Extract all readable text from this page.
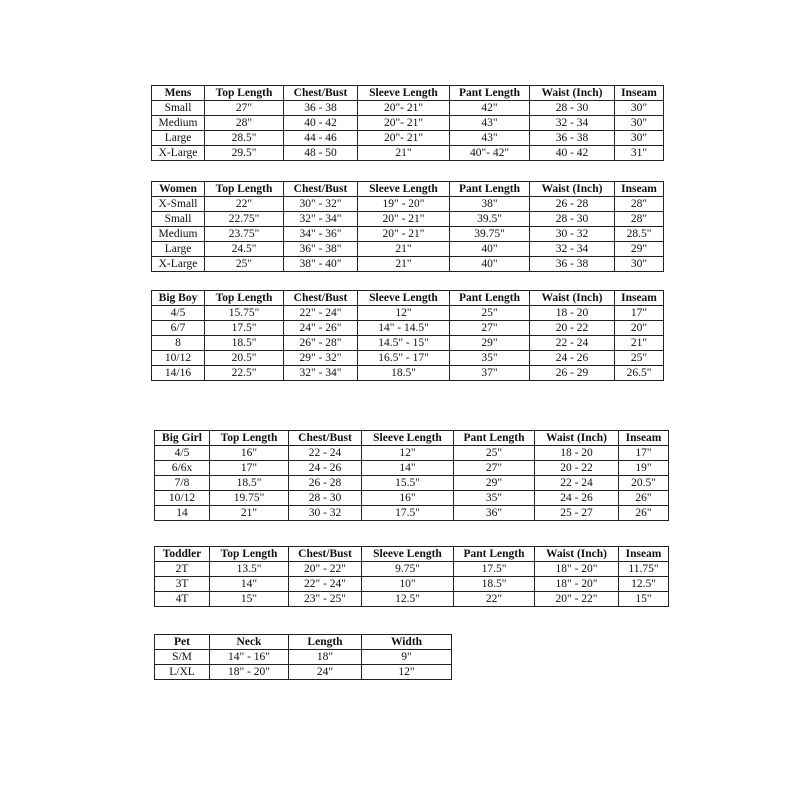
Mens	Top Length	Chest/Bust	Sleeve Length	Pant Length	Waist (Inch)	Inseam
Small	27"	36 - 38	20"- 21"	42"	28 - 30	30"
Medium	28"	40 - 42	20"- 21"	43"	32 - 34	30"
Large	28.5"	44 - 46	20"- 21"	43"	36 - 38	30"
X-Large	29.5"	48 - 50	21"	40"- 42"	40 - 42	31"
Women	Top Length	Chest/Bust	Sleeve Length	Pant Length	Waist (Inch)	Inseam
X-Small	22"	30" - 32"	19" - 20"	38"	26 - 28	28"
Small	22.75"	32" - 34"	20" - 21"	39.5"	28 - 30	28"
Medium	23.75"	34" - 36"	20" - 21"	39.75"	30 - 32	28.5"
Large	24.5"	36" - 38"	21"	40"	32 - 34	29"
X-Large	25"	38" - 40"	21"	40"	36 - 38	30"
Big Boy	Top Length	Chest/Bust	Sleeve Length	Pant Length	Waist (Inch)	Inseam
4/5	15.75"	22" - 24"	12"	25"	18 - 20	17"
6/7	17.5"	24" - 26"	14" - 14.5"	27"	20 - 22	20"
8	18.5"	26" - 28"	14.5" - 15"	29"	22 - 24	21"
10/12	20.5"	29" - 32"	16.5" - 17"	35"	24 - 26	25"
14/16	22.5"	32" - 34"	18.5"	37"	26 - 29	26.5"
Big Girl	Top Length	Chest/Bust	Sleeve Length	Pant Length	Waist (Inch)	Inseam
4/5	16"	22 - 24	12"	25"	18 - 20	17"
6/6x	17"	24 - 26	14"	27"	20 - 22	19"
7/8	18.5"	26 - 28	15.5"	29"	22 - 24	20.5"
10/12	19.75"	28 - 30	16"	35"	24 - 26	26"
14	21"	30 - 32	17.5"	36"	25 - 27	26"
Toddler	Top Length	Chest/Bust	Sleeve Length	Pant Length	Waist (Inch)	Inseam
2T	13.5"	20" - 22"	9.75"	17.5"	18" - 20"	11.75"
3T	14"	22" - 24"	10"	18.5"	18" - 20"	12.5"
4T	15"	23" - 25"	12.5"	22"	20" - 22"	15"
Pet	Neck	Length	Width
S/M	14" - 16"	18"	9"
L/XL	18" - 20"	24"	12"
